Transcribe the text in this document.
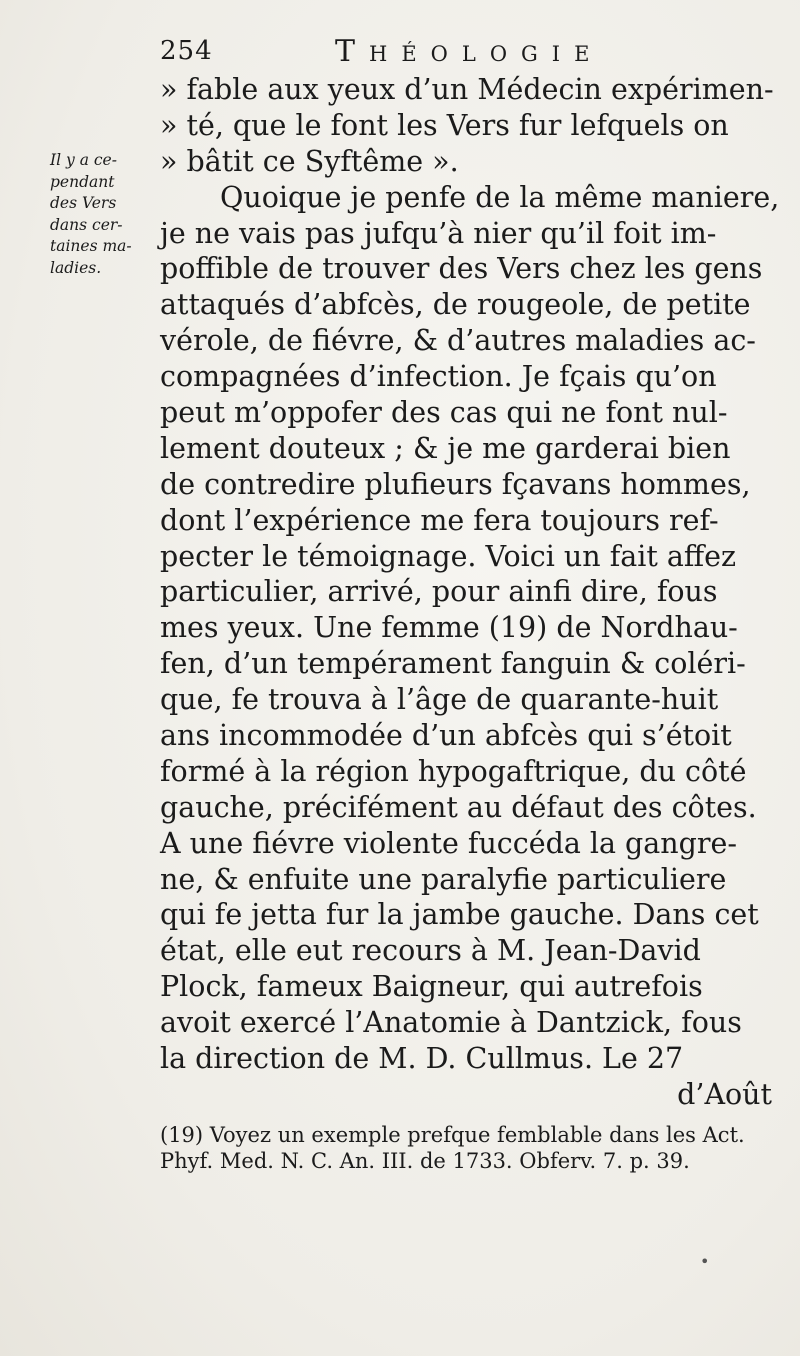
254	Théologie
Il y a ce-
pendant
des Vers
dans cer-
taines ma-
ladies.
» fable aux yeux d’un Médecin expérimen-
» té, que le font les Vers fur lefquels on
» bâtit ce Syftême ».
Quoique je penfe de la même maniere,
je ne vais pas jufqu’à nier qu’il foit im-
poffible de trouver des Vers chez les gens
attaqués d’abfcès, de rougeole, de petite
vérole, de fiévre, & d’autres maladies ac-
compagnées d’infection. Je fçais qu’on
peut m’oppofer des cas qui ne font nul-
lement douteux ; & je me garderai bien
de contredire plufieurs fçavans hommes,
dont l’expérience me fera toujours ref-
pecter le témoignage. Voici un fait affez
particulier, arrivé, pour ainfi dire, fous
mes yeux. Une femme (19) de Nordhau-
fen, d’un tempérament fanguin & coléri-
que, fe trouva à l’âge de quarante-huit
ans incommodée d’un abfcès qui s’étoit
formé à la région hypogaftrique, du côté
gauche, précifément au défaut des côtes.
A une fiévre violente fuccéda la gangre-
ne, & enfuite une paralyfie particuliere
qui fe jetta fur la jambe gauche. Dans cet
état, elle eut recours à M. Jean-David
Plock, fameux Baigneur, qui autrefois
avoit exercé l’Anatomie à Dantzick, fous
la direction de M. D. Cullmus. Le 27
d’Août
(19) Voyez un exemple prefque femblable dans les Act.
Phyf. Med. N. C. An. III. de 1733. Obferv. 7. p. 39.
•
